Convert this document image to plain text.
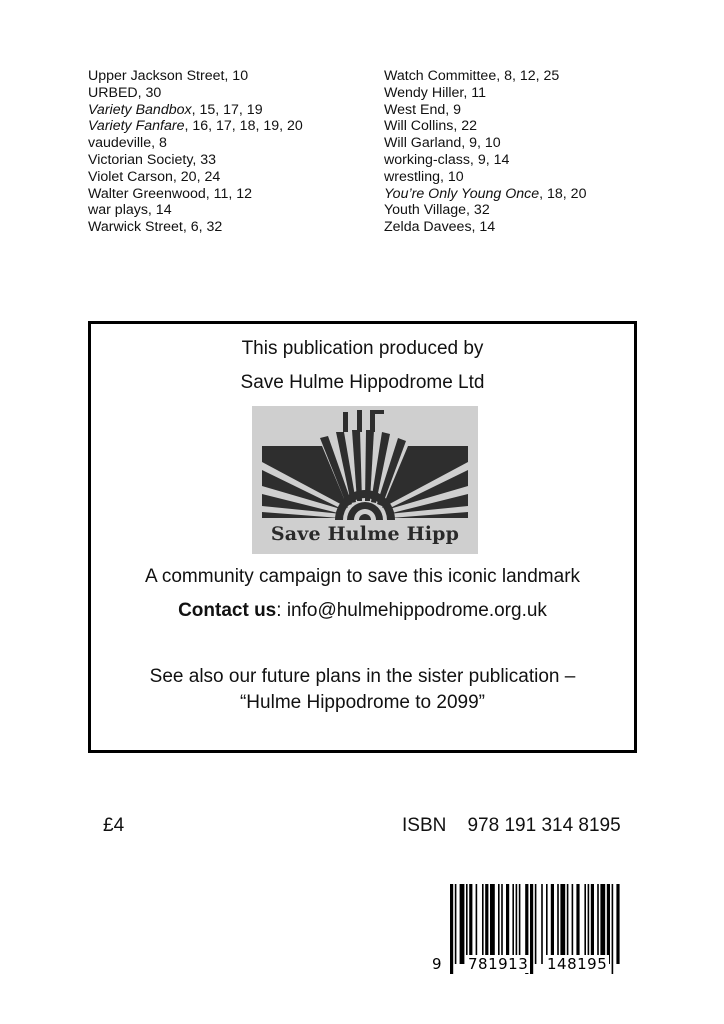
Upper Jackson Street, 10
URBED, 30
Variety Bandbox, 15, 17, 19
Variety Fanfare, 16, 17, 18, 19, 20
vaudeville, 8
Victorian Society, 33
Violet Carson, 20, 24
Walter Greenwood, 11, 12
war plays, 14
Warwick Street, 6, 32
Watch Committee, 8, 12, 25
Wendy Hiller, 11
West End, 9
Will Collins, 22
Will Garland, 9, 10
working-class, 9, 14
wrestling, 10
You’re Only Young Once, 18, 20
Youth Village, 32
Zelda Davees, 14
This publication produced by
Save Hulme Hippodrome Ltd
Save Hulme Hipp
A community campaign to save this iconic landmark
Contact us: info@hulmehippodrome.org.uk
See also our future plans in the sister publication –
“Hulme Hippodrome to 2099”
£4	ISBN 978 191 314 8195
9 781913 148195
